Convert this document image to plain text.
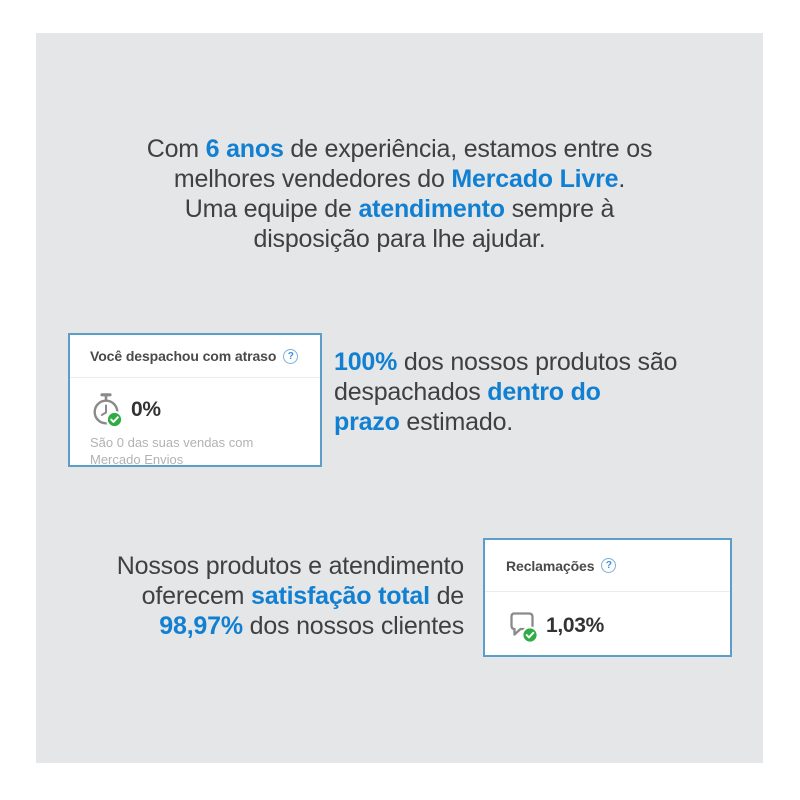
Com 6 anos de experiência, estamos entre os
melhores vendedores do Mercado Livre.
Uma equipe de atendimento sempre à
disposição para lhe ajudar.
Você despachou com atraso	?
0%
São 0 das suas vendas com Mercado Envios
100% dos nossos produtos são
despachados dentro do
prazo estimado.
Nossos produtos e atendimento
oferecem satisfação total de
98,97% dos nossos clientes
Reclamações	?
1,03%
